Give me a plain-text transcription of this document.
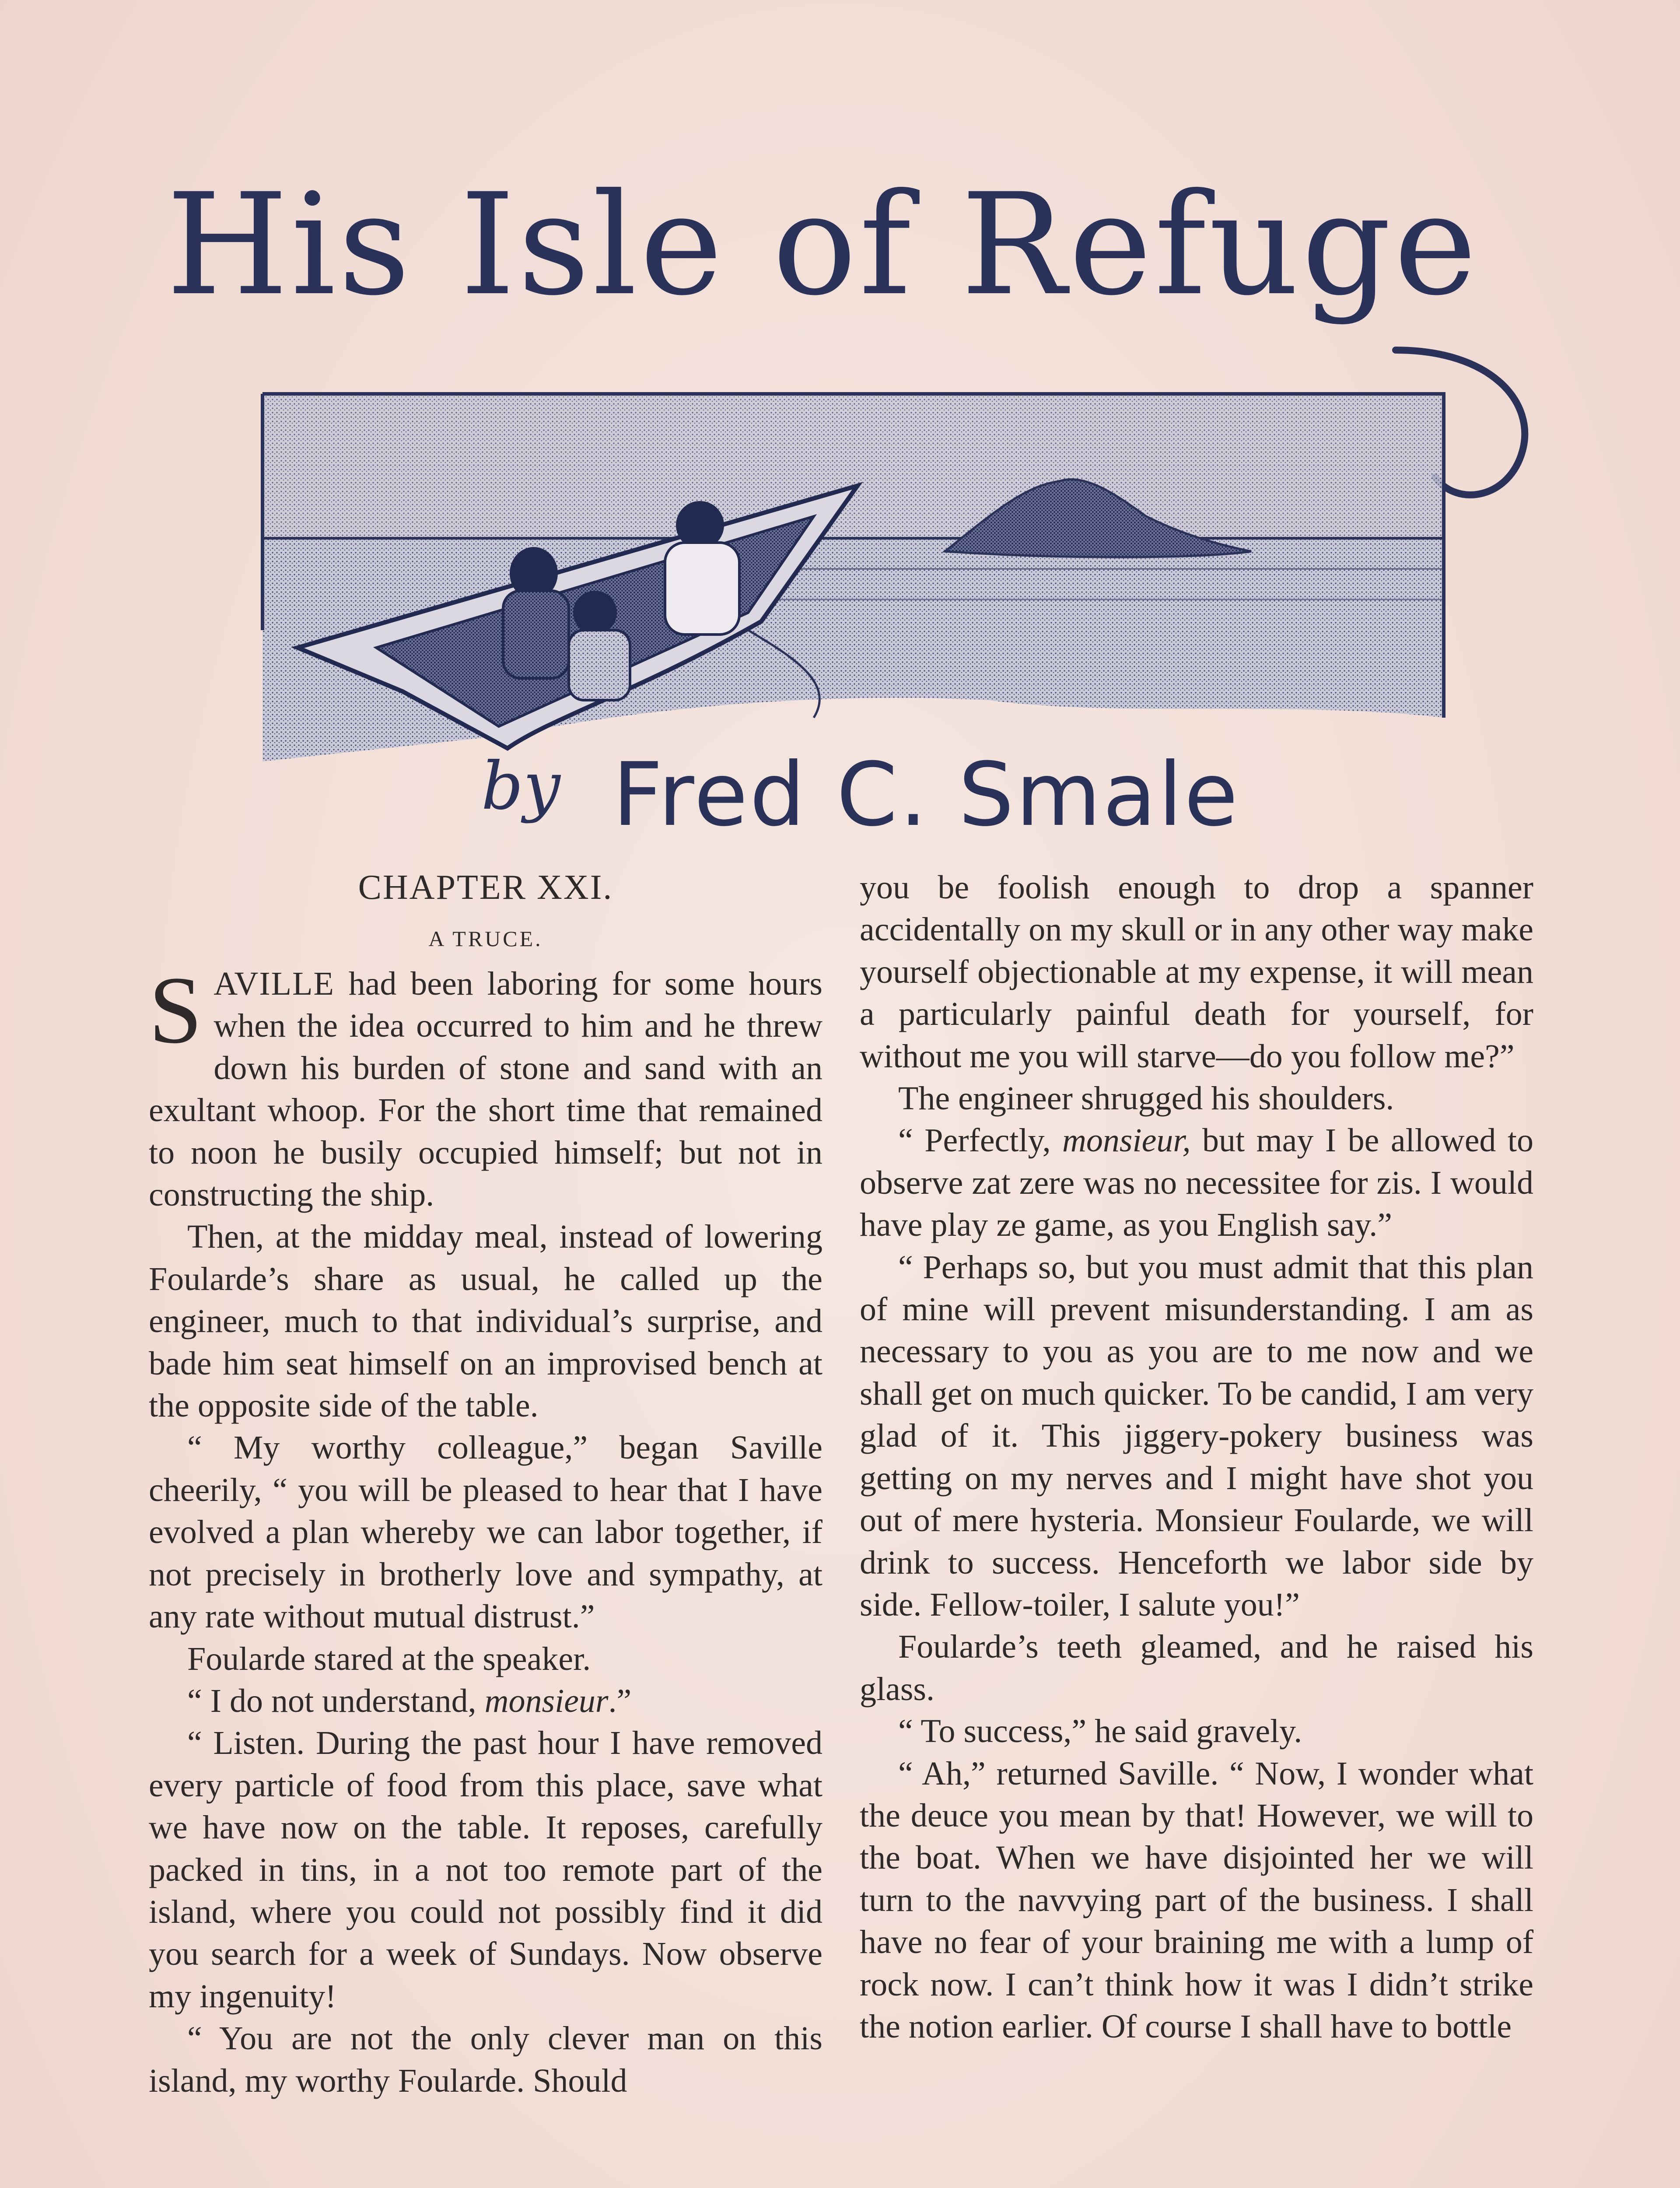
His Isle of Refuge
by Fred C. Smale

CHAPTER XXI.

A TRUCE.

SAVILLE had been laboring for some hours when the idea occurred to him and he threw down his burden of stone and sand with an exultant whoop. For the short time that remained to noon he busily occupied himself; but not in constructing the ship.

Then, at the midday meal, instead of lowering Foularde’s share as usual, he called up the engineer, much to that individual’s surprise, and bade him seat himself on an improvised bench at the opposite side of the table.

“ My worthy colleague,” began Saville cheerily, “ you will be pleased to hear that I have evolved a plan whereby we can labor together, if not precisely in brotherly love and sympathy, at any rate without mutual distrust.”

Foularde stared at the speaker.

“ I do not understand, monsieur.”

“ Listen. During the past hour I have removed every particle of food from this place, save what we have now on the table. It reposes, carefully packed in tins, in a not too remote part of the island, where you could not possibly find it did you search for a week of Sundays. Now observe my ingenuity!

“ You are not the only clever man on this island, my worthy Foularde. Should

you be foolish enough to drop a spanner accidentally on my skull or in any other way make yourself objectionable at my expense, it will mean a particularly painful death for yourself, for without me you will starve—do you follow me?”

The engineer shrugged his shoulders.

“ Perfectly, monsieur, but may I be allowed to observe zat zere was no necessitee for zis. I would have play ze game, as you English say.”

“ Perhaps so, but you must admit that this plan of mine will prevent misunderstanding. I am as necessary to you as you are to me now and we shall get on much quicker. To be candid, I am very glad of it. This jiggery-pokery business was getting on my nerves and I might have shot you out of mere hysteria. Monsieur Foularde, we will drink to success. Henceforth we labor side by side. Fellow-toiler, I salute you!”

Foularde’s teeth gleamed, and he raised his glass.

“ To success,” he said gravely.

“ Ah,” returned Saville. “ Now, I wonder what the deuce you mean by that! However, we will to the boat. When we have disjointed her we will turn to the navvying part of the business. I shall have no fear of your braining me with a lump of rock now. I can’t think how it was I didn’t strike the notion earlier. Of course I shall have to bottle
